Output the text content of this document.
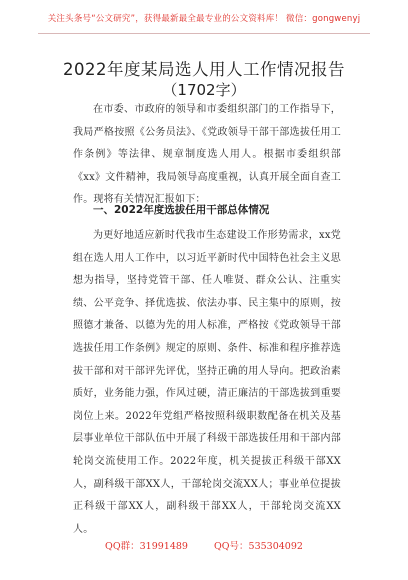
关注头条号“公文研究”，获得最新最全最专业的公文资料库！ 微信：gongwenyj
2022年度某局选人用人工作情况报告
（1702字）

在市委、市政府的领导和市委组织部门的工作指导下，我局严格按照《公务员法》、《党政领导干部干部选拔任用工作条例》等法律、规章制度选人用人。根据市委组织部《xx》文件精神，我局领导高度重视，认真开展全面自查工作。现将有关情况汇报如下：

一、2022年度选拔任用干部总体情况

为更好地适应新时代我市生态建设工作形势需求，xx党组在选人用人工作中，以习近平新时代中国特色社会主义思想为指导，坚持党管干部、任人唯贤、群众公认、注重实绩、公平竞争、择优选拔、依法办事、民主集中的原则，按照德才兼备、以德为先的用人标准，严格按《党政领导干部选拔任用工作条例》规定的原则、条件、标准和程序推荐选拔干部和对干部评先评优，坚持正确的用人导向。把政治素质好，业务能力强，作风过硬，清正廉洁的干部选拔到重要岗位上来。2022年党组严格按照科级职数配备在机关及基层事业单位干部队伍中开展了科级干部选拔任用和干部内部轮岗交流使用工作。2022年度，机关提拔正科级干部XX人，副科级干部XX人，干部轮岗交流XX人；事业单位提拔正科级干部XX人，副科级干部XX人，干部轮岗交流XX人。

QQ群：31991489	QQ号：535304092
